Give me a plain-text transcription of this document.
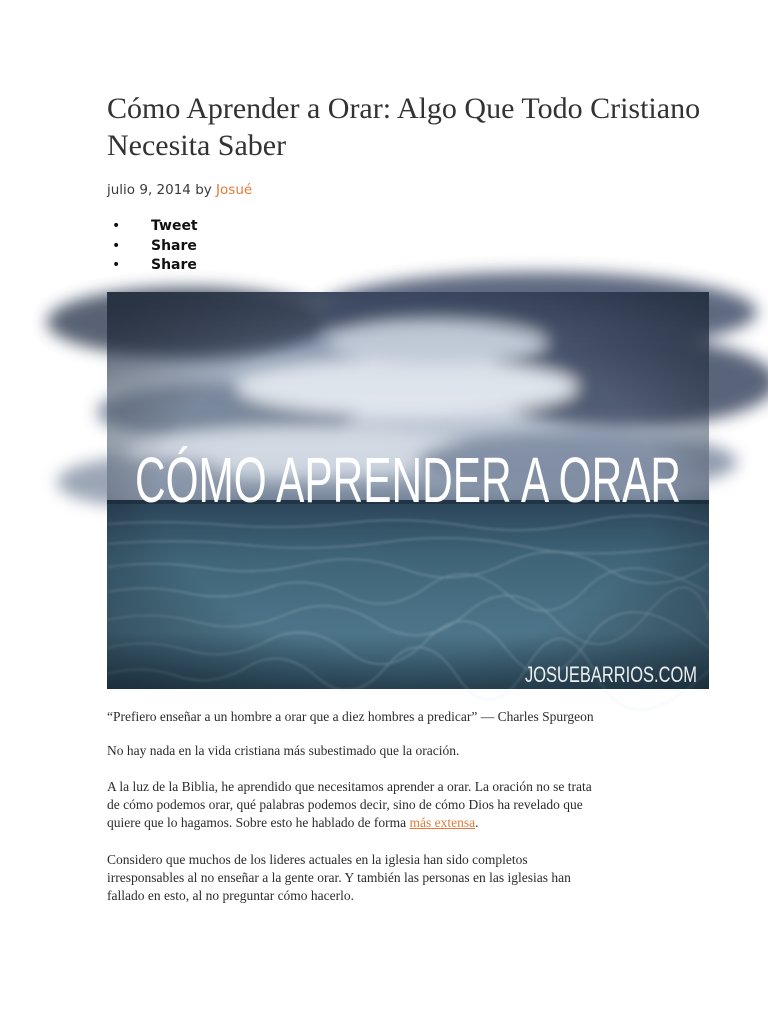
Cómo Aprender a Orar: Algo Que Todo Cristiano Necesita Saber
julio 9, 2014 by Josué
• Tweet
• Share
• Share
CÓMO APRENDER A ORAR
JOSUEBARRIOS.COM

“Prefiero enseñar a un hombre a orar que a diez hombres a predicar” — Charles Spurgeon

No hay nada en la vida cristiana más subestimado que la oración.

A la luz de la Biblia, he aprendido que necesitamos aprender a orar. La oración no se trata
de cómo podemos orar, qué palabras podemos decir, sino de cómo Dios ha revelado que
quiere que lo hagamos. Sobre esto he hablado de forma más extensa.

Considero que muchos de los lideres actuales en la iglesia han sido completos
irresponsables al no enseñar a la gente orar. Y también las personas en las iglesias han
fallado en esto, al no preguntar cómo hacerlo.
